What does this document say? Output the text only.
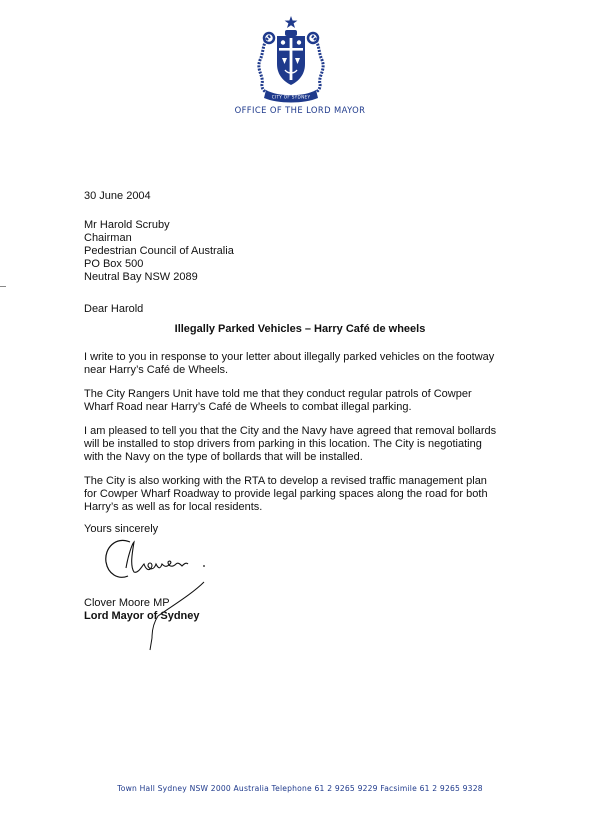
CITY OF SYDNEY
OFFICE OF THE LORD MAYOR
30 June 2004
Mr Harold Scruby
Chairman
Pedestrian Council of Australia
PO Box 500
Neutral Bay NSW 2089
Dear Harold
Illegally Parked Vehicles – Harry Café de wheels
I write to you in response to your letter about illegally parked vehicles on the footway
near Harry’s Café de Wheels.
The City Rangers Unit have told me that they conduct regular patrols of Cowper
Wharf Road near Harry’s Café de Wheels to combat illegal parking.
I am pleased to tell you that the City and the Navy have agreed that removal bollards
will be installed to stop drivers from parking in this location. The City is negotiating
with the Navy on the type of bollards that will be installed.
The City is also working with the RTA to develop a revised traffic management plan
for Cowper Wharf Roadway to provide legal parking spaces along the road for both
Harry’s as well as for local residents.
Yours sincerely
Clover Moore MP
Lord Mayor of Sydney
Town Hall Sydney NSW 2000 Australia Telephone 61 2 9265 9229 Facsimile 61 2 9265 9328
